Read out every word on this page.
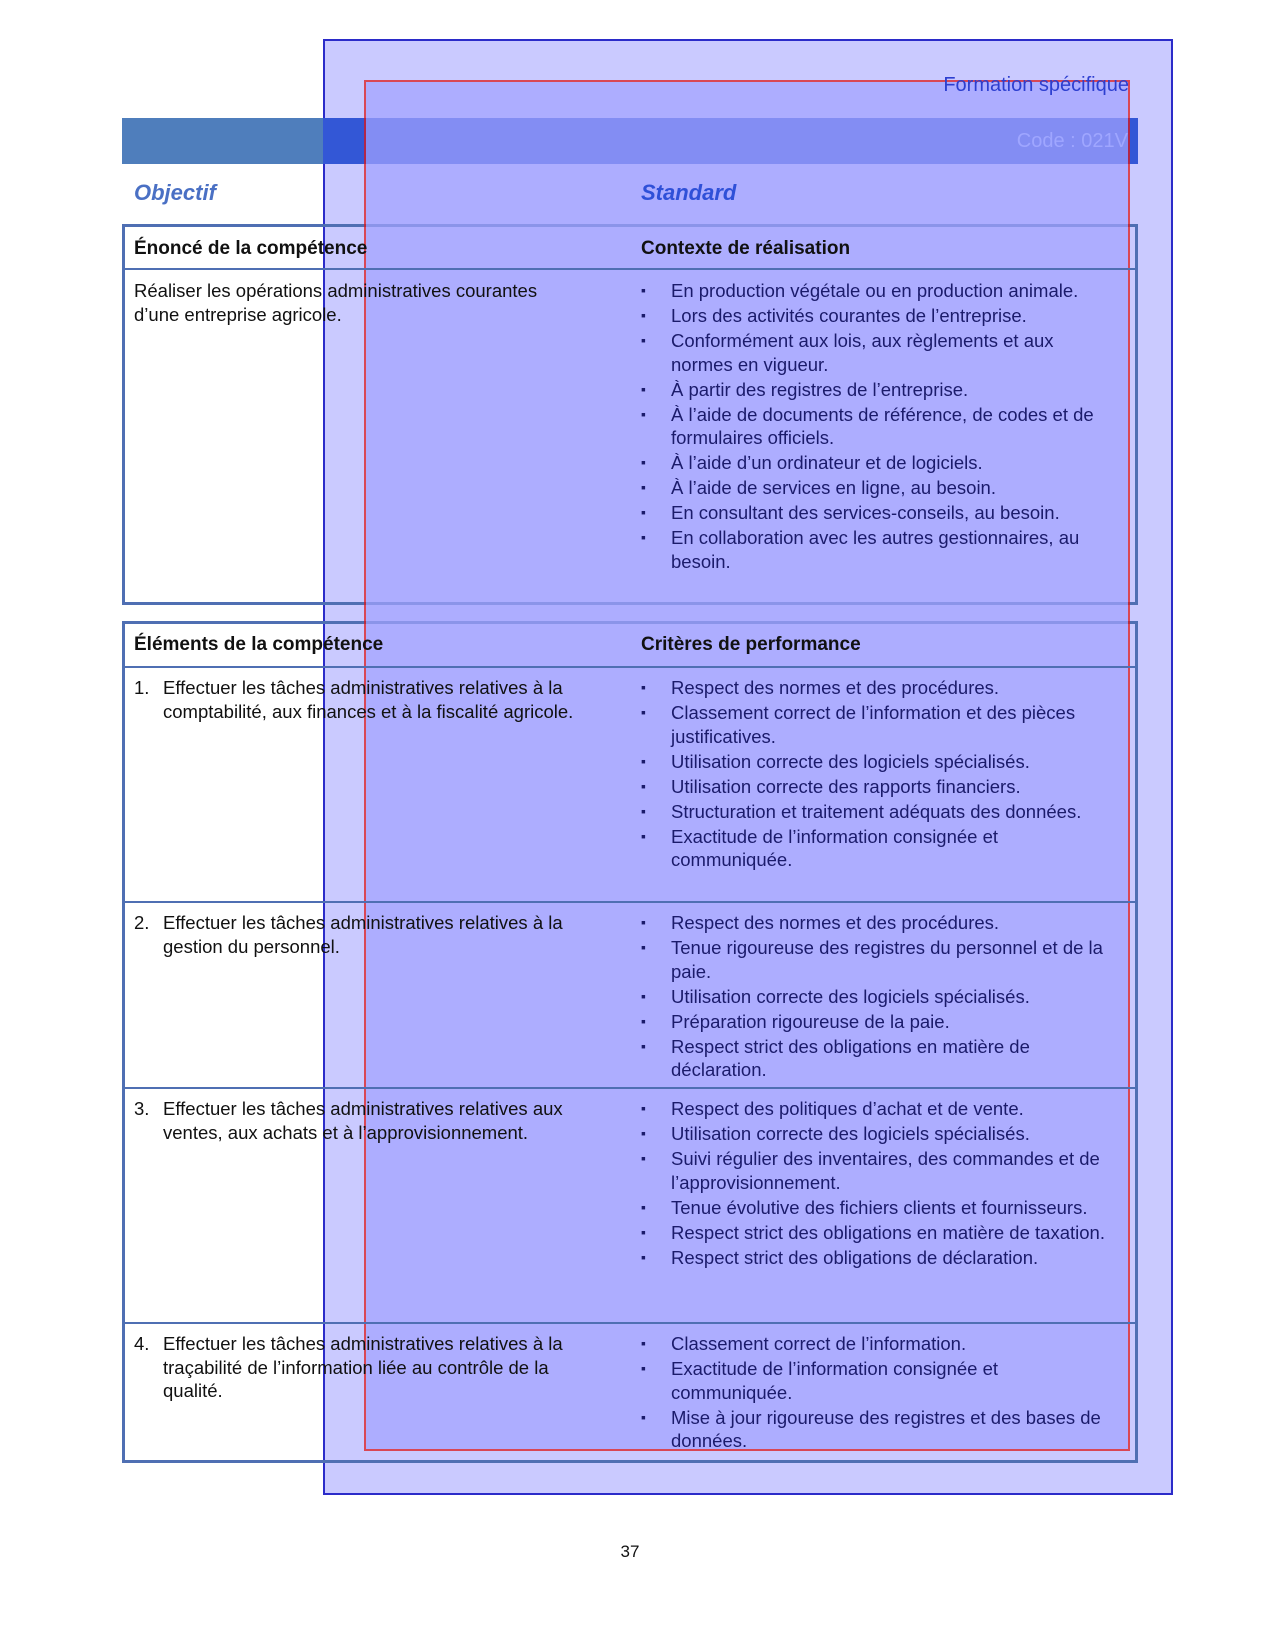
Formation spécifique
Code : 021V
Objectif	Standard
Énoncé de la compétence	Contexte de réalisation
Réaliser les opérations administratives courantes d’une entreprise agricole.
▪ En production végétale ou en production animale.
▪ Lors des activités courantes de l’entreprise.
▪ Conformément aux lois, aux règlements et aux normes en vigueur.
▪ À partir des registres de l’entreprise.
▪ À l’aide de documents de référence, de codes et de formulaires officiels.
▪ À l’aide d’un ordinateur et de logiciels.
▪ À l’aide de services en ligne, au besoin.
▪ En consultant des services-conseils, au besoin.
▪ En collaboration avec les autres gestionnaires, au besoin.
Éléments de la compétence	Critères de performance
1. Effectuer les tâches administratives relatives à la comptabilité, aux finances et à la fiscalité agricole.
▪ Respect des normes et des procédures.
▪ Classement correct de l’information et des pièces justificatives.
▪ Utilisation correcte des logiciels spécialisés.
▪ Utilisation correcte des rapports financiers.
▪ Structuration et traitement adéquats des données.
▪ Exactitude de l’information consignée et communiquée.
2. Effectuer les tâches administratives relatives à la gestion du personnel.
▪ Respect des normes et des procédures.
▪ Tenue rigoureuse des registres du personnel et de la paie.
▪ Utilisation correcte des logiciels spécialisés.
▪ Préparation rigoureuse de la paie.
▪ Respect strict des obligations en matière de déclaration.
3. Effectuer les tâches administratives relatives aux ventes, aux achats et à l’approvisionnement.
▪ Respect des politiques d’achat et de vente.
▪ Utilisation correcte des logiciels spécialisés.
▪ Suivi régulier des inventaires, des commandes et de l’approvisionnement.
▪ Tenue évolutive des fichiers clients et fournisseurs.
▪ Respect strict des obligations en matière de taxation.
▪ Respect strict des obligations de déclaration.
4. Effectuer les tâches administratives relatives à la traçabilité de l’information liée au contrôle de la qualité.
▪ Classement correct de l’information.
▪ Exactitude de l’information consignée et communiquée.
▪ Mise à jour rigoureuse des registres et des bases de données.
37
